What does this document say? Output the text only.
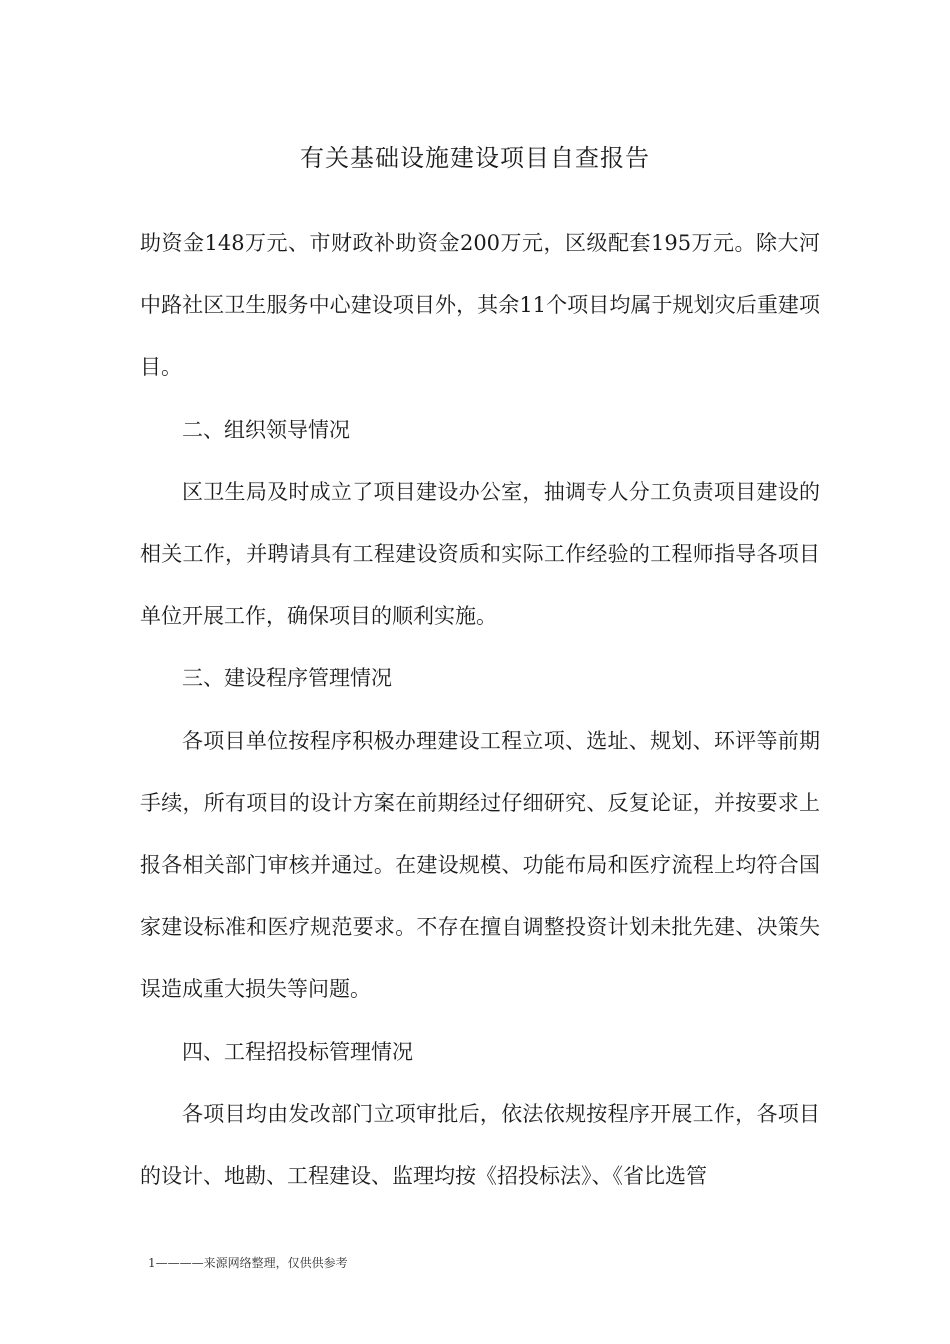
有关基础设施建设项目自查报告

助资金148万元、市财政补助资金200万元，区级配套195万元。除大河中路社区卫生服务中心建设项目外，其余11个项目均属于规划灾后重建项目。

二、组织领导情况

区卫生局及时成立了项目建设办公室，抽调专人分工负责项目建设的相关工作，并聘请具有工程建设资质和实际工作经验的工程师指导各项目单位开展工作，确保项目的顺利实施。

三、建设程序管理情况

各项目单位按程序积极办理建设工程立项、选址、规划、环评等前期手续，所有项目的设计方案在前期经过仔细研究、反复论证，并按要求上报各相关部门审核并通过。在建设规模、功能布局和医疗流程上均符合国家建设标准和医疗规范要求。不存在擅自调整投资计划未批先建、决策失误造成重大损失等问题。

四、工程招投标管理情况

各项目均由发改部门立项审批后，依法依规按程序开展工作，各项目的设计、地勘、工程建设、监理均按《招投标法》、《省比选管

1————来源网络整理，仅供供参考
